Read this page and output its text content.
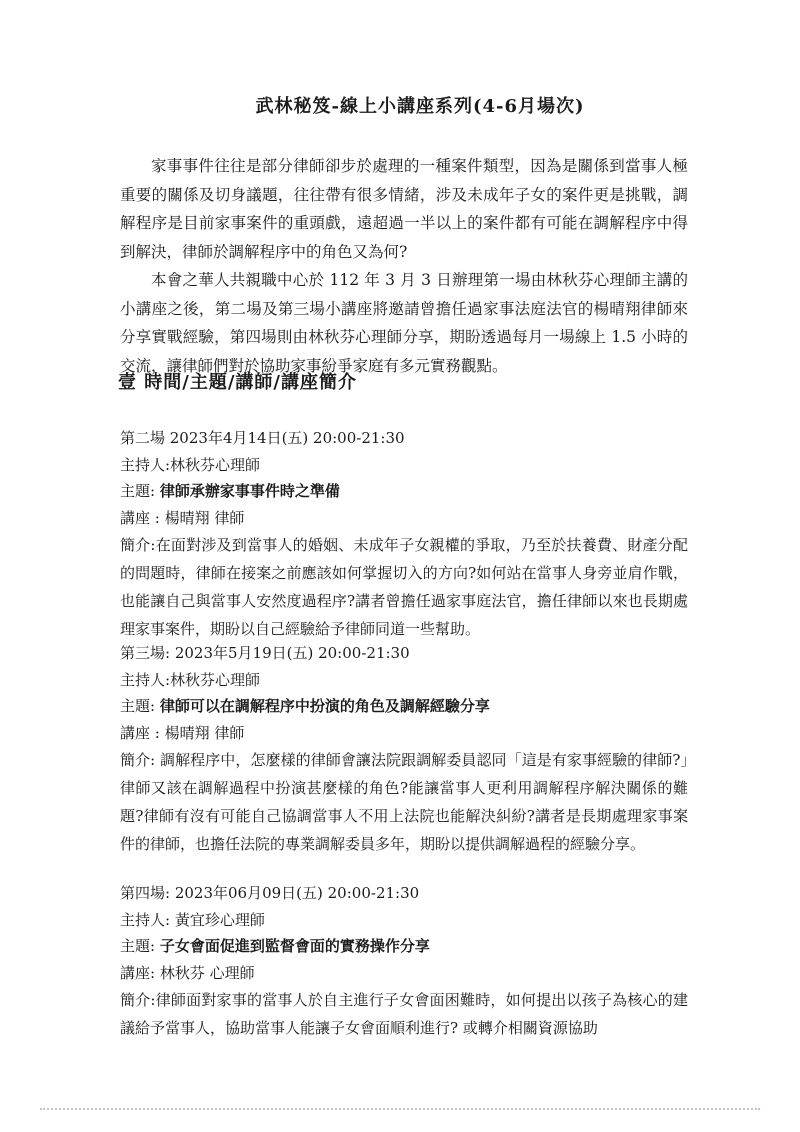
武林秘笈-線上小講座系列(4-6月場次)

家事事件往往是部分律師卻步於處理的一種案件類型，因為是關係到當事人極重要的關係及切身議題，往往帶有很多情緒，涉及未成年子女的案件更是挑戰，調解程序是目前家事案件的重頭戲，遠超過一半以上的案件都有可能在調解程序中得到解決，律師於調解程序中的角色又為何?

本會之華人共親職中心於 112 年 3 月 3 日辦理第一場由林秋芬心理師主講的小講座之後，第二場及第三場小講座將邀請曾擔任過家事法庭法官的楊晴翔律師來分享實戰經驗，第四場則由林秋芬心理師分享，期盼透過每月一場線上 1.5 小時的交流，讓律師們對於協助家事紛爭家庭有多元實務觀點。

壹 時間/主題/講師/講座簡介

第二場 2023年4月14日(五) 20:00-21:30

主持人:林秋芬心理師

主題: 律師承辦家事事件時之準備

講座 : 楊晴翔 律師

簡介:在面對涉及到當事人的婚姻、未成年子女親權的爭取，乃至於扶養費、財產分配的問題時，律師在接案之前應該如何掌握切入的方向?如何站在當事人身旁並肩作戰，也能讓自己與當事人安然度過程序?講者曾擔任過家事庭法官，擔任律師以來也長期處理家事案件，期盼以自己經驗給予律師同道一些幫助。

第三場: 2023年5月19日(五) 20:00-21:30

主持人:林秋芬心理師

主題: 律師可以在調解程序中扮演的角色及調解經驗分享

講座 : 楊晴翔 律師

簡介: 調解程序中，怎麼樣的律師會讓法院跟調解委員認同「這是有家事經驗的律師?」律師又該在調解過程中扮演甚麼樣的角色?能讓當事人更利用調解程序解決關係的難題?律師有沒有可能自己協調當事人不用上法院也能解決糾紛?講者是長期處理家事案件的律師，也擔任法院的專業調解委員多年，期盼以提供調解過程的經驗分享。

第四場: 2023年06月09日(五) 20:00-21:30

主持人: 黃宜珍心理師

主題: 子女會面促進到監督會面的實務操作分享

講座: 林秋芬 心理師

簡介:律師面對家事的當事人於自主進行子女會面困難時，如何提出以孩子為核心的建議給予當事人，協助當事人能讓子女會面順利進行? 或轉介相關資源協助
